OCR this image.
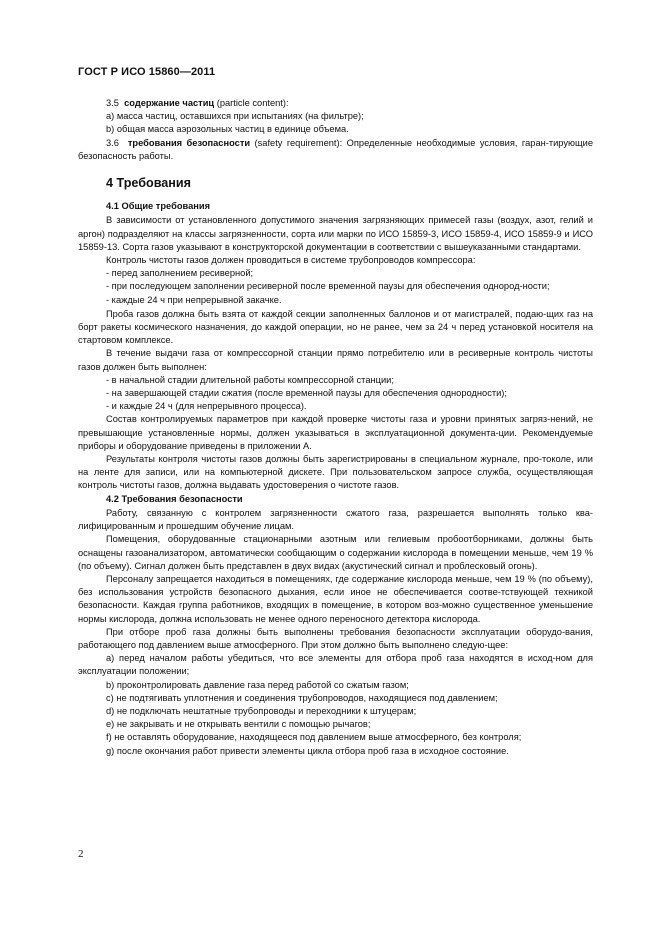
ГОСТ Р ИСО 15860—2011

3.5 содержание частиц (particle content):

а) масса частиц, оставшихся при испытаниях (на фильтре);

b) общая масса аэрозольных частиц в единице объема.

3.6 требования безопасности (safety requirement): Определенные необходимые условия, гаран-тирующие безопасность работы.

4 Требования
4.1 Общие требования

В зависимости от установленного допустимого значения загрязняющих примесей газы (воздух, азот, гелий и аргон) подразделяют на классы загрязненности, сорта или марки по ИСО 15859-3, ИСО 15859-4, ИСО 15859-9 и ИСО 15859-13. Сорта газов указывают в конструкторской документации в соответствии с вышеуказанными стандартами.

Контроль чистоты газов должен проводиться в системе трубопроводов компрессора:

- перед заполнением ресиверной;

- при последующем заполнении ресиверной после временной паузы для обеспечения однород-ности;

- каждые 24 ч при непрерывной закачке.

Проба газов должна быть взята от каждой секции заполненных баллонов и от магистралей, подаю-щих газ на борт ракеты космического назначения, до каждой операции, но не ранее, чем за 24 ч перед установкой носителя на стартовом комплексе.

В течение выдачи газа от компрессорной станции прямо потребителю или в ресиверные контроль чистоты газов должен быть выполнен:

- в начальной стадии длительной работы компрессорной станции;

- на завершающей стадии сжатия (после временной паузы для обеспечения однородности);

- и каждые 24 ч (для непрерывного процесса).

Состав контролируемых параметров при каждой проверке чистоты газа и уровни принятых загряз-нений, не превышающие установленные нормы, должен указываться в эксплуатационной документа-ции. Рекомендуемые приборы и оборудование приведены в приложении А.

Результаты контроля чистоты газов должны быть зарегистрированы в специальном журнале, про-токоле, или на ленте для записи, или на компьютерной дискете. При пользовательском запросе служба, осуществляющая контроль чистоты газов, должна выдавать удостоверения о чистоте газов.

4.2 Требования безопасности

Работу, связанную с контролем загрязненности сжатого газа, разрешается выполнять только ква-лифицированным и прошедшим обучение лицам.

Помещения, оборудованные стационарными азотным или гелиевым пробоотборниками, должны быть оснащены газоанализатором, автоматически сообщающим о содержании кислорода в помещении меньше, чем 19 % (по объему). Сигнал должен быть представлен в двух видах (акустический сигнал и проблесковый огонь).

Персоналу запрещается находиться в помещениях, где содержание кислорода меньше, чем 19 % (по объему), без использования устройств безопасного дыхания, если иное не обеспечивается соотве-тствующей техникой безопасности. Каждая группа работников, входящих в помещение, в котором воз-можно существенное уменьшение нормы кислорода, должна использовать не менее одного переносного детектора кислорода.

При отборе проб газа должны быть выполнены требования безопасности эксплуатации оборудо-вания, работающего под давлением выше атмосферного. При этом должно быть выполнено следую-щее:

а) перед началом работы убедиться, что все элементы для отбора проб газа находятся в исход-ном для эксплуатации положении;

b) проконтролировать давление газа перед работой со сжатым газом;

с) не подтягивать уплотнения и соединения трубопроводов, находящиеся под давлением;

d) не подключать нештатные трубопроводы и переходники к штуцерам;

е) не закрывать и не открывать вентили с помощью рычагов;

f) не оставлять оборудование, находящееся под давлением выше атмосферного, без контроля;

g) после окончания работ привести элементы цикла отбора проб газа в исходное состояние.

2
